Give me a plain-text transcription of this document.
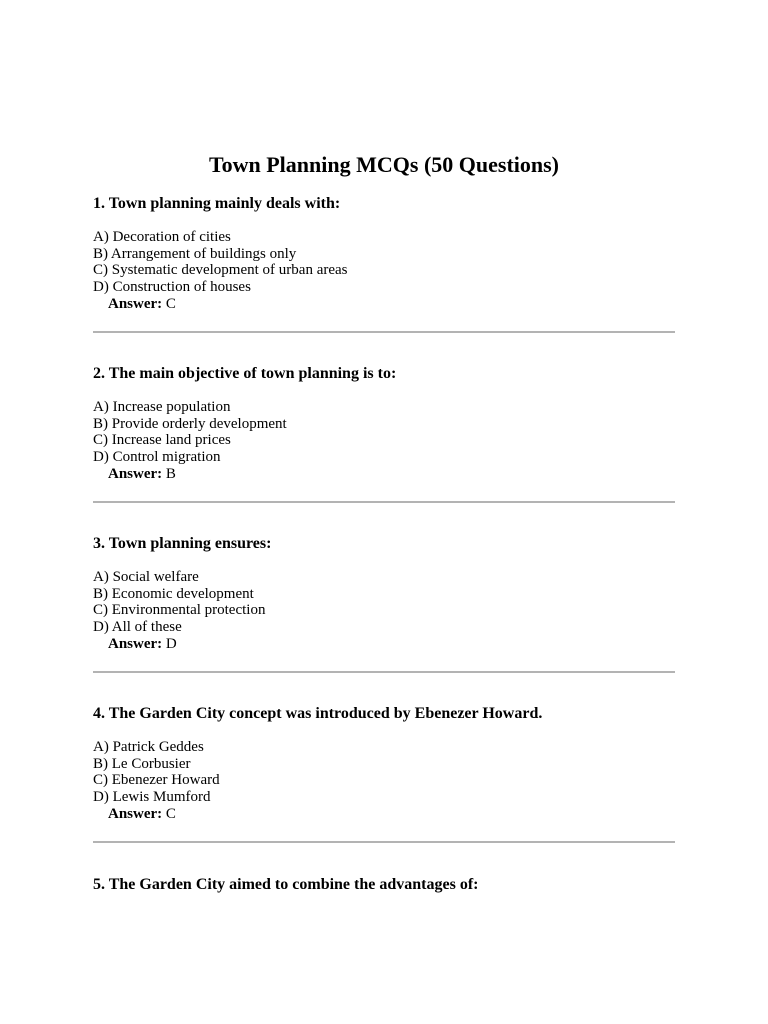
Town Planning MCQs (50 Questions)

1. Town planning mainly deals with:

A) Decoration of cities
B) Arrangement of buildings only
C) Systematic development of urban areas
D) Construction of houses
Answer: C

2. The main objective of town planning is to:

A) Increase population
B) Provide orderly development
C) Increase land prices
D) Control migration
Answer: B

3. Town planning ensures:

A) Social welfare
B) Economic development
C) Environmental protection
D) All of these
Answer: D

4. The Garden City concept was introduced by Ebenezer Howard.

A) Patrick Geddes
B) Le Corbusier
C) Ebenezer Howard
D) Lewis Mumford
Answer: C

5. The Garden City aimed to combine the advantages of:
